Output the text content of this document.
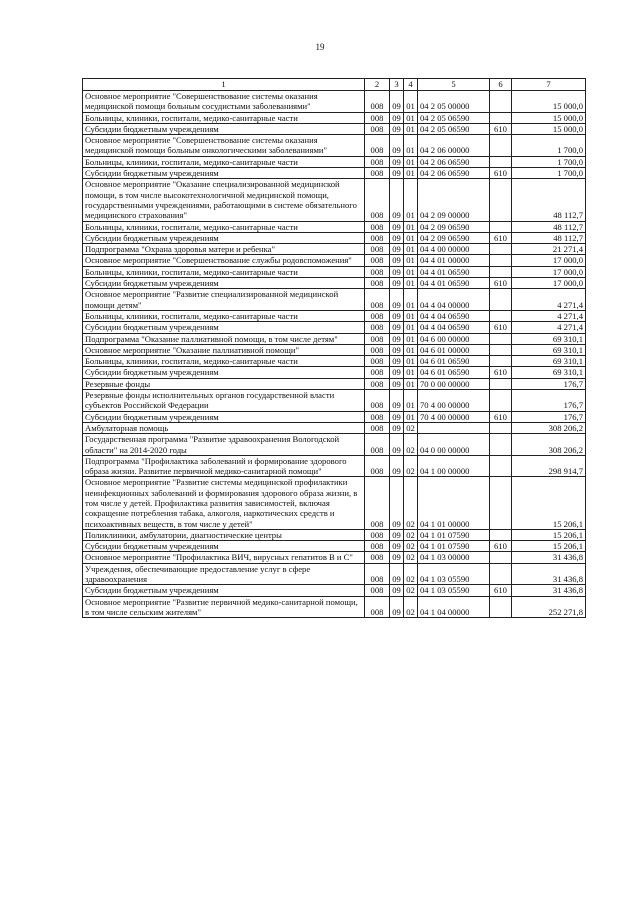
19
1	2	3	4	5	6	7
Основное мероприятие "Совершенствование системы оказания медицинской помощи больным сосудистыми заболеваниями"	008	09	01	04 2 05 00000		15 000,0
Больницы, клиники, госпитали, медико-санитарные части	008	09	01	04 2 05 06590		15 000,0
Субсидии бюджетным учреждениям	008	09	01	04 2 05 06590	610	15 000,0
Основное мероприятие "Совершенствование системы оказания медицинской помощи больным онкологическими заболеваниями"	008	09	01	04 2 06 00000		1 700,0
Больницы, клиники, госпитали, медико-санитарные части	008	09	01	04 2 06 06590		1 700,0
Субсидии бюджетным учреждениям	008	09	01	04 2 06 06590	610	1 700,0
Основное мероприятие "Оказание специализированной медицинской помощи, в том числе высокотехнологичной медицинской помощи, государственными учреждениями, работающими в системе обязательного медицинского страхования"	008	09	01	04 2 09 00000		48 112,7
Больницы, клиники, госпитали, медико-санитарные части	008	09	01	04 2 09 06590		48 112,7
Субсидии бюджетным учреждениям	008	09	01	04 2 09 06590	610	48 112,7
Подпрограмма "Охрана здоровья матери и ребенка"	008	09	01	04 4 00 00000		21 271,4
Основное мероприятие "Совершенствование службы родовспоможения"	008	09	01	04 4 01 00000		17 000,0
Больницы, клиники, госпитали, медико-санитарные части	008	09	01	04 4 01 06590		17 000,0
Субсидии бюджетным учреждениям	008	09	01	04 4 01 06590	610	17 000,0
Основное мероприятие "Развитие специализированной медицинской помощи детям"	008	09	01	04 4 04 00000		4 271,4
Больницы, клиники, госпитали, медико-санитарные части	008	09	01	04 4 04 06590		4 271,4
Субсидии бюджетным учреждениям	008	09	01	04 4 04 06590	610	4 271,4
Подпрограмма "Оказание паллиативной помощи, в том числе детям"	008	09	01	04 6 00 00000		69 310,1
Основное мероприятие "Оказание паллиативной помощи"	008	09	01	04 6 01 00000		69 310,1
Больницы, клиники, госпитали, медико-санитарные части	008	09	01	04 6 01 06590		69 310,1
Субсидии бюджетным учреждениям	008	09	01	04 6 01 06590	610	69 310,1
Резервные фонды	008	09	01	70 0 00 00000		176,7
Резервные фонды исполнительных органов государственной власти субъектов Российской Федерации	008	09	01	70 4 00 00000		176,7
Субсидии бюджетным учреждениям	008	09	01	70 4 00 00000	610	176,7
Амбулаторная помощь	008	09	02			308 206,2
Государственная программа "Развитие здравоохранения Вологодской области" на 2014-2020 годы	008	09	02	04 0 00 00000		308 206,2
Подпрограмма "Профилактика заболеваний и формирование здорового образа жизни. Развитие первичной медико-санитарной помощи"	008	09	02	04 1 00 00000		298 914,7
Основное мероприятие "Развитие системы медицинской профилактики неинфекционных заболеваний и формирования здорового образа жизни, в том числе у детей. Профилактика развития зависимостей, включая сокращение потребления табака, алкоголя, наркотических средств и психоактивных веществ, в том числе у детей"	008	09	02	04 1 01 00000		15 206,1
Поликлиники, амбулатории, диагностические центры	008	09	02	04 1 01 07590		15 206,1
Субсидии бюджетным учреждениям	008	09	02	04 1 01 07590	610	15 206,1
Основное мероприятие "Профилактика ВИЧ, вирусных гепатитов В и С"	008	09	02	04 1 03 00000		31 436,8
Учреждения, обеспечивающие предоставление услуг в сфере здравоохранения	008	09	02	04 1 03 05590		31 436,8
Субсидии бюджетным учреждениям	008	09	02	04 1 03 05590	610	31 436,8
Основное мероприятие "Развитие первичной медико-санитарной помощи, в том числе сельским жителям"	008	09	02	04 1 04 00000		252 271,8
